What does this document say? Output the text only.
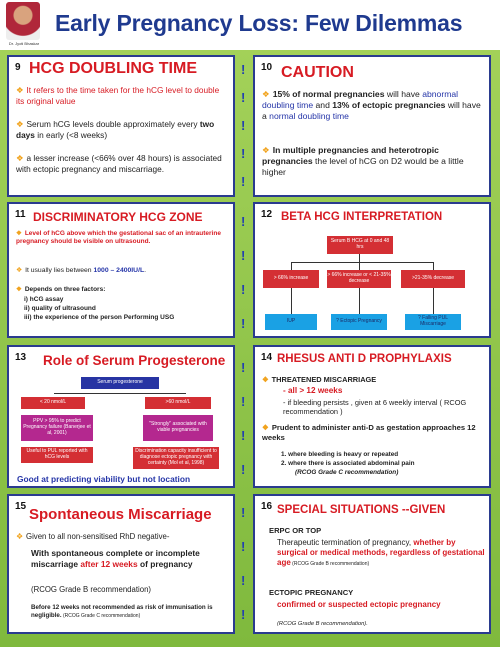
Dr. Jyoti Bhaskar
Early Pregnancy Loss: Few Dilemmas
!
!
!
!
!
!
!
!
!
!
!
!
!
!
!
!
!
9 HCG DOUBLING TIME
❖ It refers to the time taken for the hCG level to double its original value
❖ Serum hCG levels double approximately every two days in early (<8 weeks)
❖ a lesser increase (<66% over 48 hours) is associated with ectopic pregnancy and miscarriage.
10 CAUTION
❖ 15% of normal pregnancies will have abnormal doubling time and 13% of ectopic pregnancies will have a normal doubling time
❖ In multiple pregnancies and heterotropic pregnancies the level of hCG on D2 would be a little higher
11 DISCRIMINATORY HCG ZONE
❖ Level of hCG above which the gestational sac of an intrauterine pregnancy should be visible on ultrasound.
❖ It usually lies between 1000 – 2400IU/L.
❖ Depends on three factors:
i) hCG assay
ii) quality of ultrasound
iii) the experience of the person Performing USG
12 BETA HCG INTERPRETATION
Serum B HCG at 0 and 48 hrs
> 66% increase	> 66% increase or < 21-35% decrease	>21-35% decrease
IUP	? Ectopic Pregnancy	? Falling PUL Miscarriage
13 Role of Serum Progesterone
Serum progesterone
< 20 nmol/L	>60 nmol/L
PPV > 95% to predict Pregnancy failure (Banerjee et al, 2001)
"Strongly" associated with viable pregnancies
Useful to PUL reported with hCG levels
Discrimination capacity insufficient to diagnose ectopic pregnancy with certainty (Mol et al, 1998)
Good at predicting viability but not location
14 RHESUS ANTI D PROPHYLAXIS
❖ THREATENED MISCARRIAGE
- all > 12 weeks
- if bleeding persists , given at 6 weekly interval ( RCOG recommendation )
❖ Prudent to administer anti-D as gestation approaches 12 weeks
1. where bleeding is heavy or repeated
2. where there is associated abdominal pain
(RCOG Grade C recommendation)
15 Spontaneous Miscarriage
❖ Given to all non-sensitised RhD negative-
With spontaneous complete or incomplete miscarriage after 12 weeks of pregnancy
(RCOG Grade B recommendation)
Before 12 weeks not recommended as risk of immunisation is negligible. (RCOG Grade C recommendation)
16 SPECIAL SITUATIONS --GIVEN
ERPC OR TOP
Therapeutic termination of pregnancy, whether by surgical or medical methods, regardless of gestational age (RCOG Grade B recommendation)
ECTOPIC PREGNANCY
confirmed or suspected ectopic pregnancy
(RCOG Grade B recommendation).
